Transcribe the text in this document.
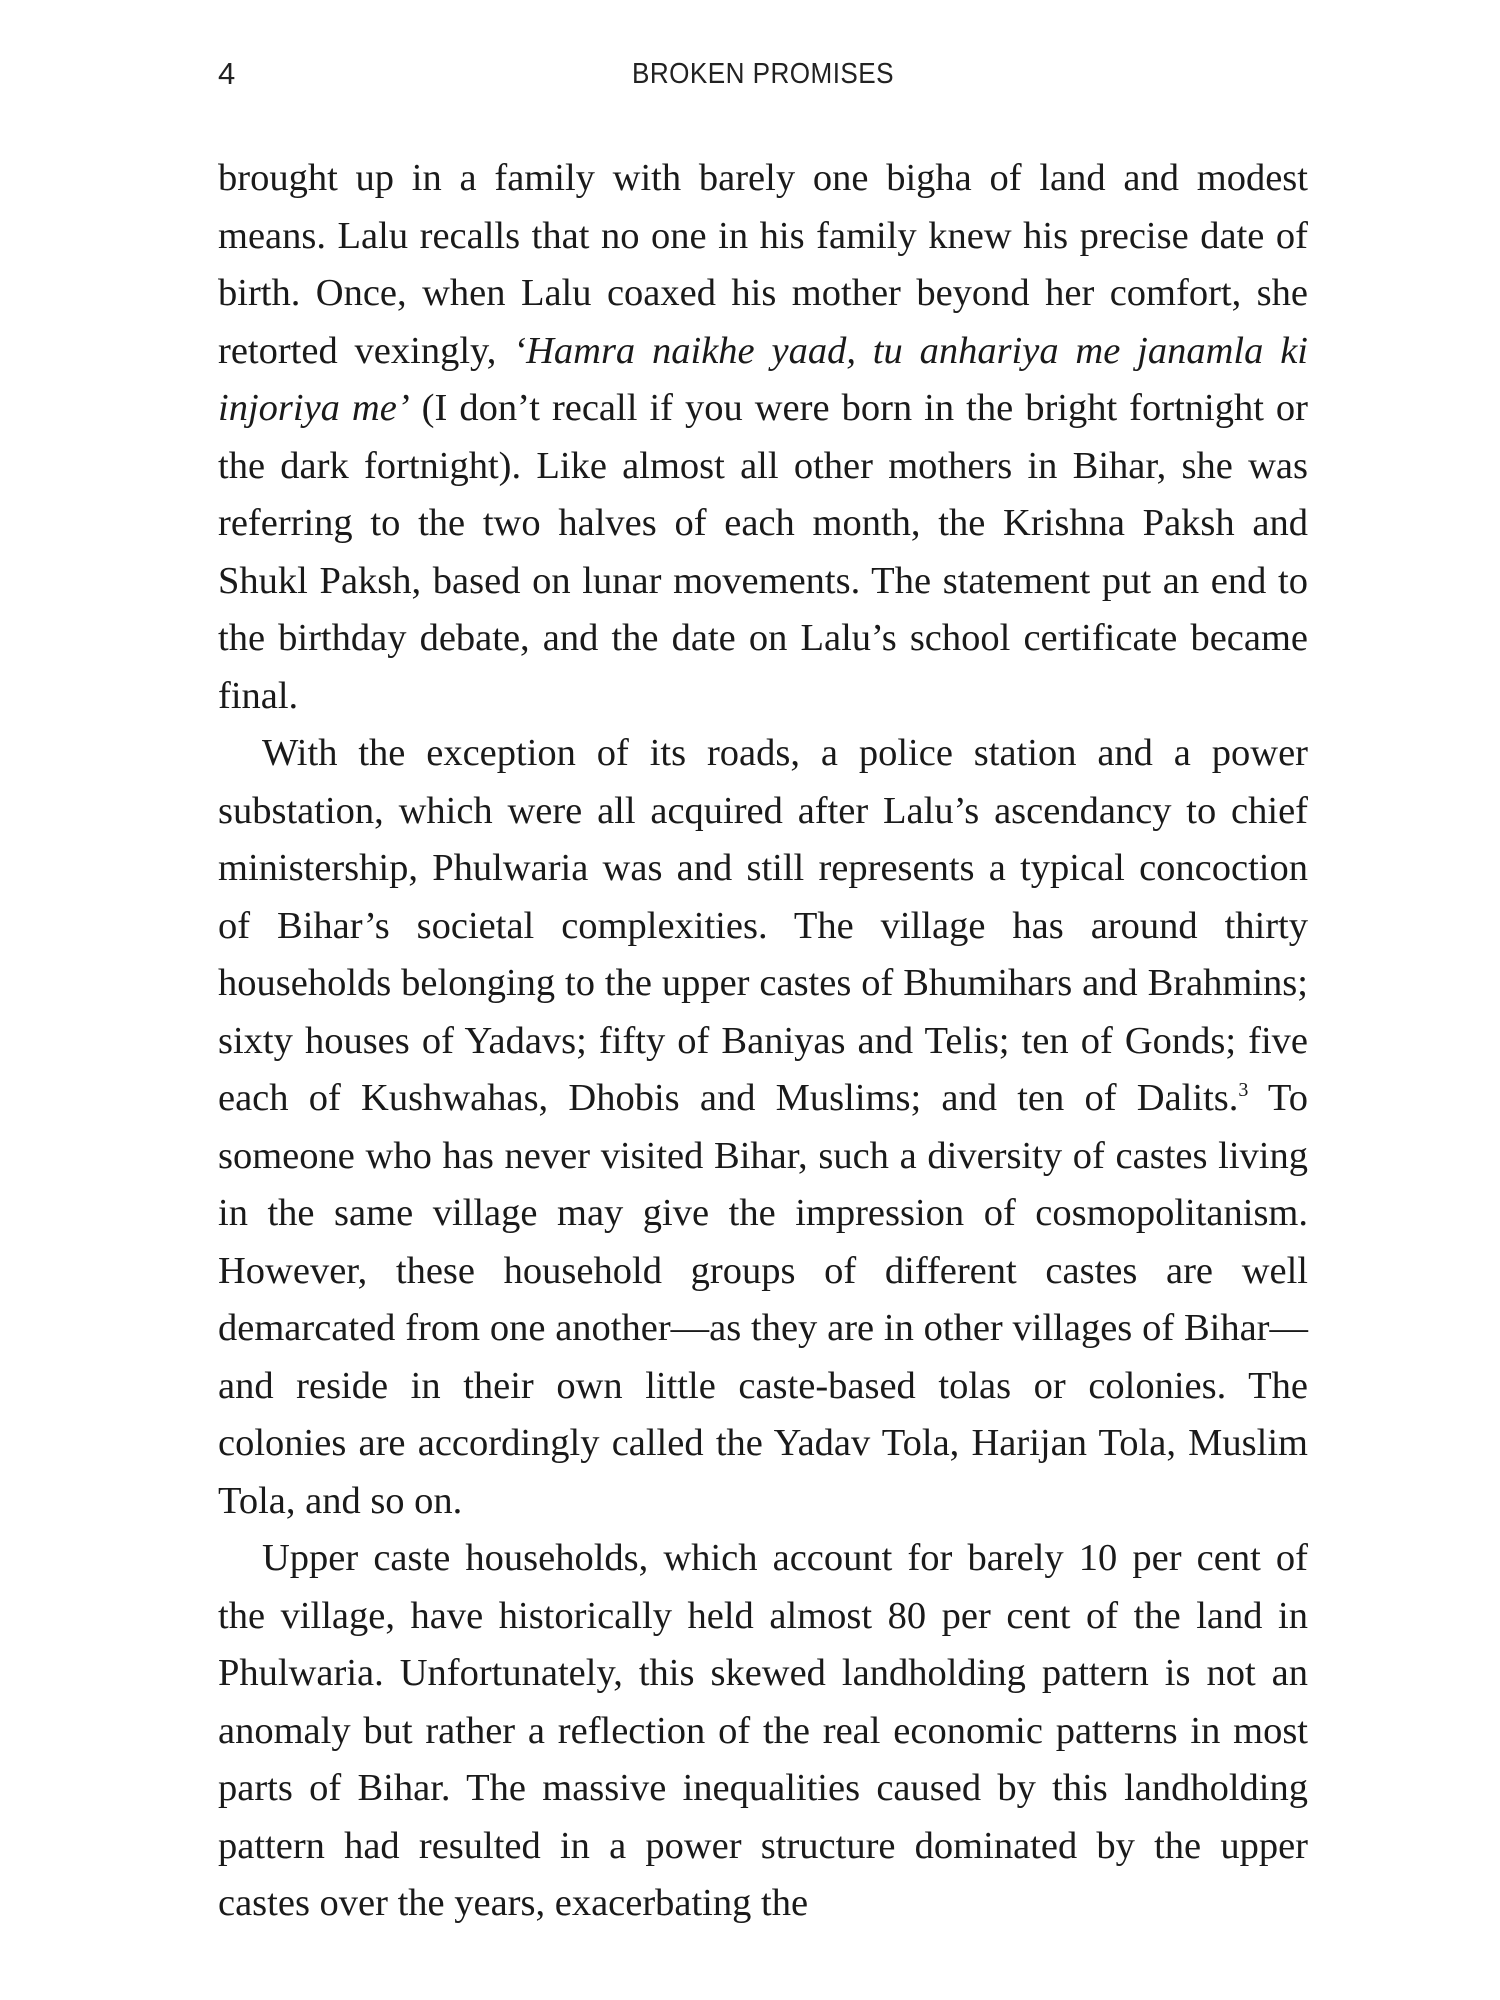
4	BROKEN PROMISES

brought up in a family with barely one bigha of land and modest means. Lalu recalls that no one in his family knew his precise date of birth. Once, when Lalu coaxed his mother beyond her comfort, she retorted vexingly, ‘Hamra naikhe yaad, tu anhariya me janamla ki injoriya me’ (I don’t recall if you were born in the bright fortnight or the dark fortnight). Like almost all other mothers in Bihar, she was referring to the two halves of each month, the Krishna Paksh and Shukl Paksh, based on lunar movements. The statement put an end to the birthday debate, and the date on Lalu’s school certificate became final.

With the exception of its roads, a police station and a power substation, which were all acquired after Lalu’s ascendancy to chief ministership, Phulwaria was and still represents a typical concoction of Bihar’s societal complexities. The village has around thirty households belonging to the upper castes of Bhumihars and Brahmins; sixty houses of Yadavs; fifty of Baniyas and Telis; ten of Gonds; five each of Kushwahas, Dhobis and Muslims; and ten of Dalits.$^3$ To someone who has never visited Bihar, such a diversity of castes living in the same village may give the impression of cosmopolitanism. However, these household groups of different castes are well demarcated from one another—as they are in other villages of Bihar—and reside in their own little caste-based tolas or colonies. The colonies are accordingly called the Yadav Tola, Harijan Tola, Muslim Tola, and so on.

Upper caste households, which account for barely 10 per cent of the village, have historically held almost 80 per cent of the land in Phulwaria. Unfortunately, this skewed landholding pattern is not an anomaly but rather a reflection of the real economic patterns in most parts of Bihar. The massive inequalities caused by this landholding pattern had resulted in a power structure dominated by the upper castes over the years, exacerbating the
